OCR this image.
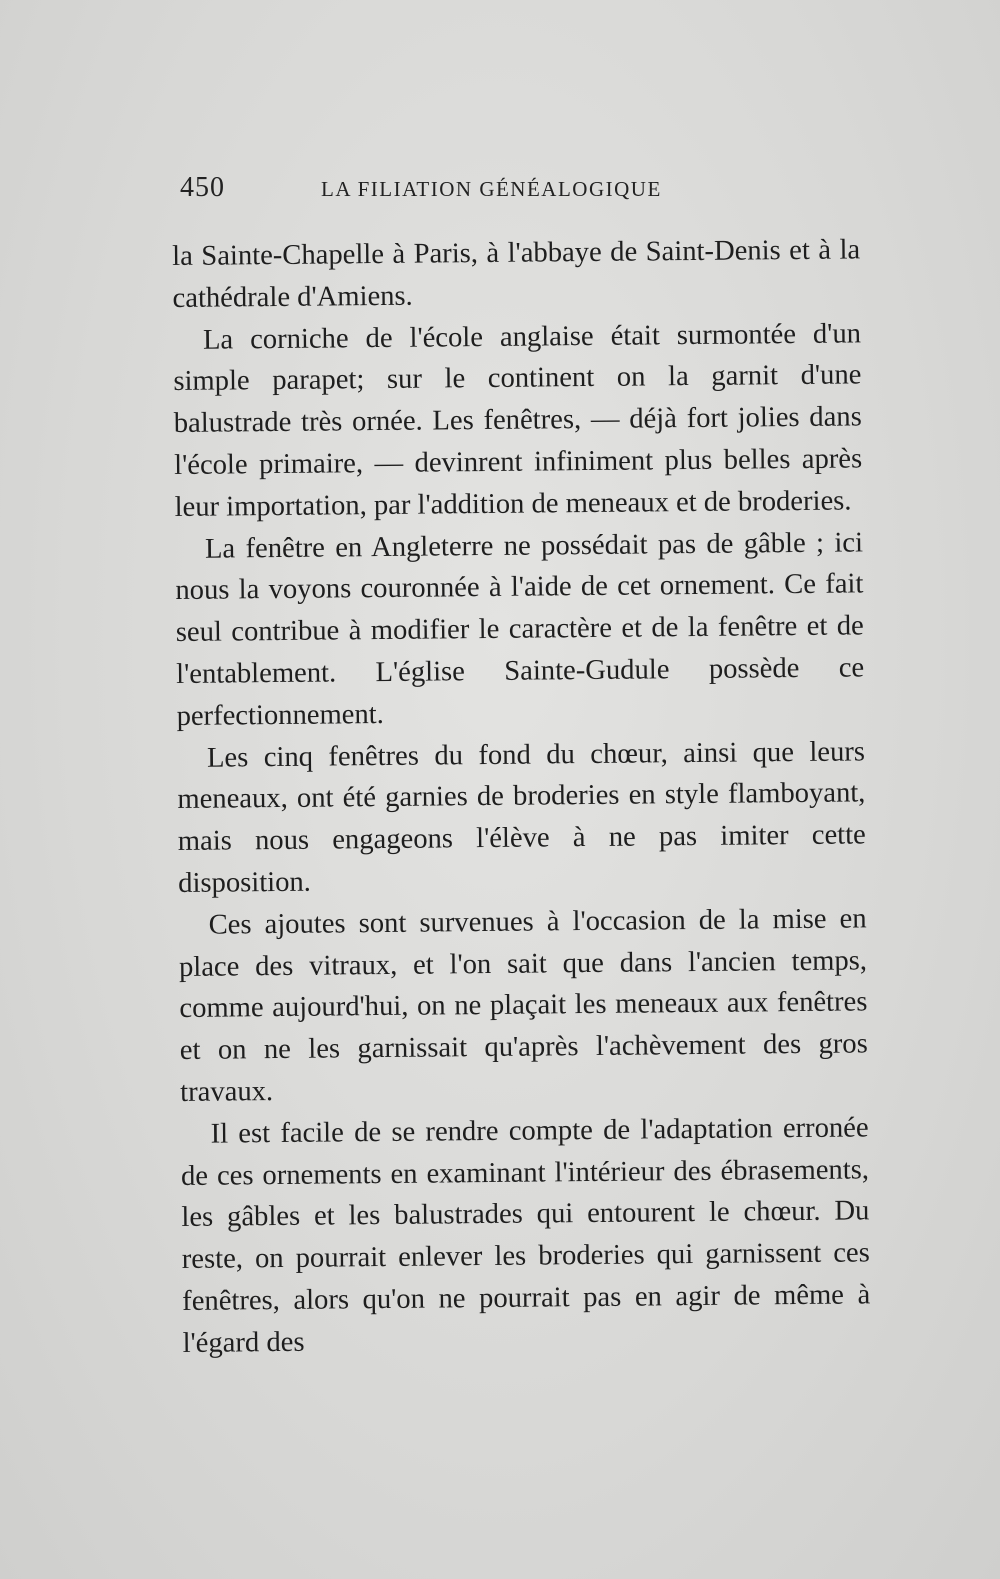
450	LA FILIATION GÉNÉALOGIQUE

la Sainte-Chapelle à Paris, à l'abbaye de Saint-Denis et à la cathédrale d'Amiens.

La corniche de l'école anglaise était surmontée d'un simple parapet; sur le continent on la garnit d'une balustrade très ornée. Les fenêtres, — déjà fort jolies dans l'école primaire, — devinrent infiniment plus belles après leur importation, par l'addition de meneaux et de broderies.

La fenêtre en Angleterre ne possédait pas de gâble ; ici nous la voyons couronnée à l'aide de cet ornement. Ce fait seul contribue à modifier le caractère et de la fenêtre et de l'entablement. L'église Sainte-Gudule possède ce perfectionnement.

Les cinq fenêtres du fond du chœur, ainsi que leurs meneaux, ont été garnies de broderies en style flamboyant, mais nous engageons l'élève à ne pas imiter cette disposition.

Ces ajoutes sont survenues à l'occasion de la mise en place des vitraux, et l'on sait que dans l'ancien temps, comme aujourd'hui, on ne plaçait les meneaux aux fenêtres et on ne les garnissait qu'après l'achèvement des gros travaux.

Il est facile de se rendre compte de l'adaptation erronée de ces ornements en examinant l'intérieur des ébrasements, les gâbles et les balustrades qui entourent le chœur. Du reste, on pourrait enlever les broderies qui garnissent ces fenêtres, alors qu'on ne pourrait pas en agir de même à l'égard des
